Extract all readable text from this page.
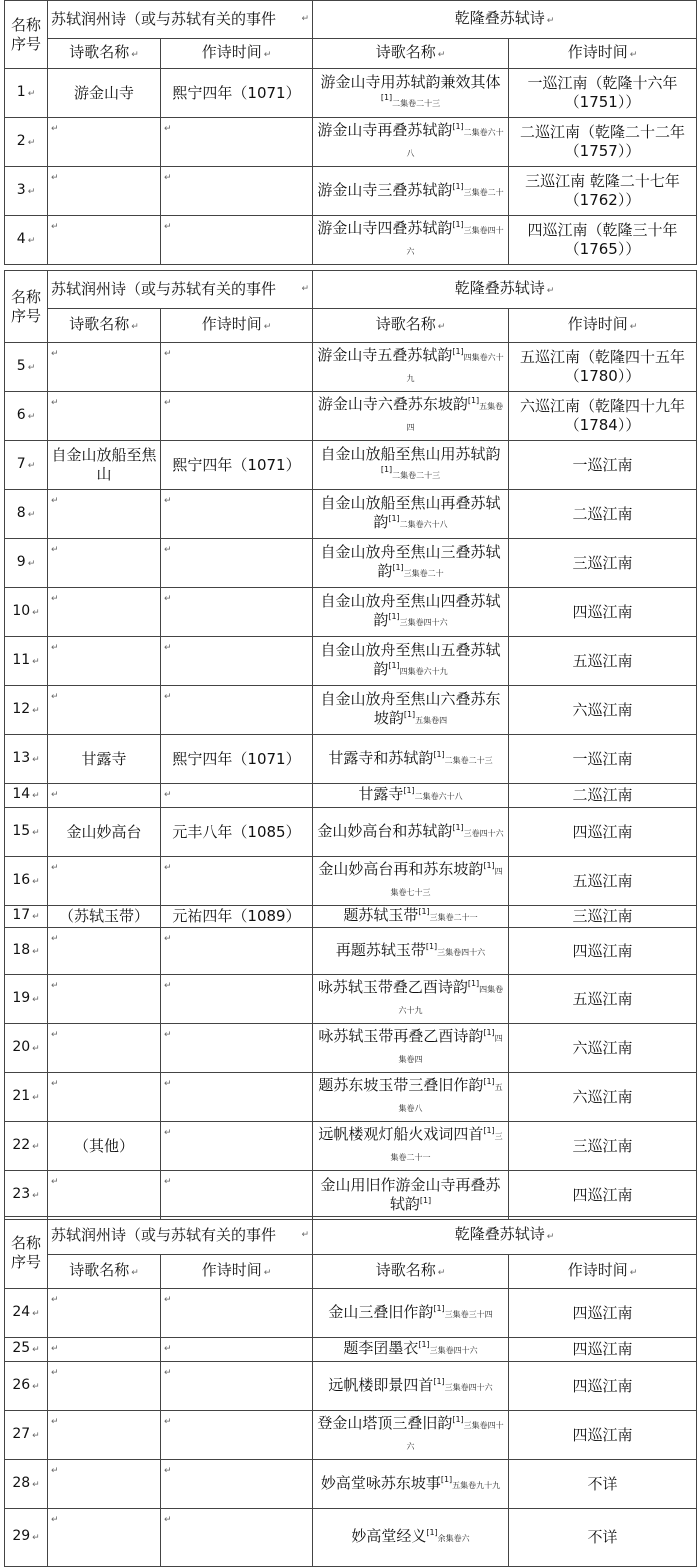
名称序号	苏轼润州诗（或与苏轼有关的事件 ↵		乾隆叠苏轼诗 ↵	
	诗歌名称 ↵	作诗时间 ↵	诗歌名称 ↵	作诗时间 ↵
1 ↵	游金山寺	熙宁四年（1071）	游金山寺用苏轼韵兼效其体[1]二集卷二十三	一巡江南（乾隆十六年（1751））
2 ↵	↵	↵	游金山寺再叠苏轼韵[1]二集卷六十八	二巡江南（乾隆二十二年（1757））
3 ↵	↵	↵	游金山寺三叠苏轼韵[1]三集卷二十	三巡江南 乾隆二十七年（1762））
4 ↵	↵	↵	游金山寺四叠苏轼韵[1]三集卷四十六	四巡江南（乾隆三十年（1765））
名称序号	苏轼润州诗（或与苏轼有关的事件 ↵		乾隆叠苏轼诗 ↵	
	诗歌名称 ↵	作诗时间 ↵	诗歌名称 ↵	作诗时间 ↵
5 ↵	↵	↵	游金山寺五叠苏轼韵[1]四集卷六十九	五巡江南（乾隆四十五年（1780））
6 ↵	↵	↵	游金山寺六叠苏东坡韵[1]五集卷四	六巡江南（乾隆四十九年（1784））
7 ↵	自金山放船至焦山	熙宁四年（1071）	自金山放船至焦山用苏轼韵[1]二集卷二十三	一巡江南
8 ↵	↵	↵	自金山放船至焦山再叠苏轼韵[1]二集卷六十八	二巡江南
9 ↵	↵	↵	自金山放舟至焦山三叠苏轼韵[1]三集卷二十	三巡江南
10 ↵	↵	↵	自金山放舟至焦山四叠苏轼韵[1]三集卷四十六	四巡江南
11 ↵	↵	↵	自金山放舟至焦山五叠苏轼韵[1]四集卷六十九	五巡江南
12 ↵	↵	↵	自金山放舟至焦山六叠苏东坡韵[1]五集卷四	六巡江南
13 ↵	甘露寺	熙宁四年（1071）	甘露寺和苏轼韵[1]二集卷二十三	一巡江南
14 ↵	↵	↵	甘露寺[1]二集卷六十八	二巡江南
15 ↵	金山妙高台	元丰八年（1085）	金山妙高台和苏轼韵[1]三卷四十六	四巡江南
16 ↵	↵	↵	金山妙高台再和苏东坡韵[1]四集卷七十三	五巡江南
17 ↵	（苏轼玉带）	元祐四年（1089）	题苏轼玉带[1]三集卷二十一	三巡江南
18 ↵	↵	↵	再题苏轼玉带[1]三集卷四十六	四巡江南
19 ↵	↵	↵	咏苏轼玉带叠乙酉诗韵[1]四集卷六十九	五巡江南
20 ↵	↵	↵	咏苏轼玉带再叠乙酉诗韵[1]四集卷四	六巡江南
21 ↵	↵	↵	题苏东坡玉带三叠旧作韵[1]五集卷八	六巡江南
22 ↵	（其他）	↵	远帆楼观灯船火戏词四首[1]三集卷二十一	三巡江南
23 ↵	↵	↵	金山用旧作游金山寺再叠苏轼韵[1]	四巡江南
名称序号	苏轼润州诗（或与苏轼有关的事件 ↵		乾隆叠苏轼诗 ↵	
	诗歌名称 ↵	作诗时间 ↵	诗歌名称 ↵	作诗时间 ↵
24 ↵	↵	↵	金山三叠旧作韵[1]三集卷三十四	四巡江南
25 ↵	↵	↵	题李囝墨衣[1]三集卷四十六	四巡江南
26 ↵	↵	↵	远帆楼即景四首[1]三集卷四十六	四巡江南
27 ↵	↵	↵	登金山塔顶三叠旧韵[1]三集卷四十六	四巡江南
28 ↵	↵	↵	妙高堂咏苏东坡事[1]五集卷九十九	不详
29 ↵	↵	↵	妙高堂经义[1]余集卷六	不详
